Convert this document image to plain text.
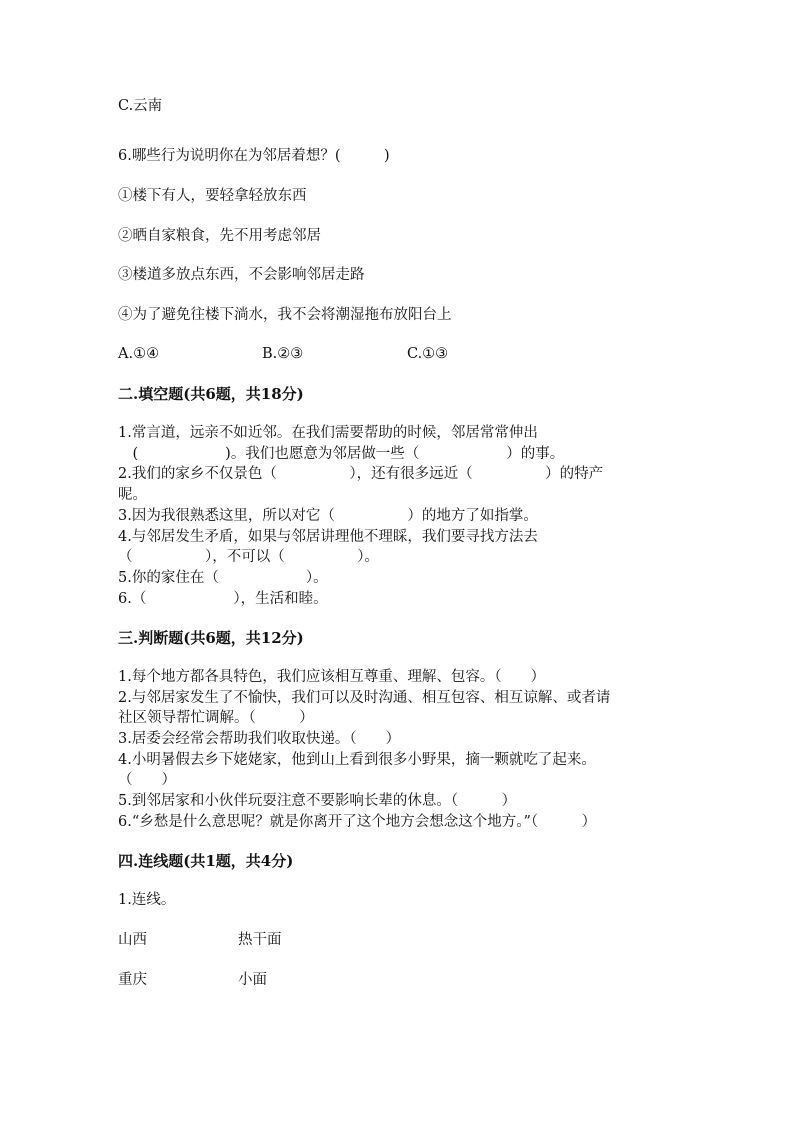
C.云南

6.哪些行为说明你在为邻居着想？(　　　)

①楼下有人，要轻拿轻放东西

②晒自家粮食，先不用考虑邻居

③楼道多放点东西，不会影响邻居走路

④为了避免往楼下淌水，我不会将潮湿拖布放阳台上

A.①④	B.②③	C.①③

二.填空题(共6题，共18分)

1.常言道，远亲不如近邻。在我们需要帮助的时候，邻居常常伸出

　(　　　　　　)。我们也愿意为邻居做一些（　　　　　　）的事。

2.我们的家乡不仅景色（　　　　　），还有很多远近（　　　　　）的特产

呢。

3.因为我很熟悉这里，所以对它（　　　　　）的地方了如指掌。

4.与邻居发生矛盾，如果与邻居讲理他不理睬，我们要寻找方法去

（　　　　　），不可以（　　　　　）。

5.你的家住在（　　　　　　）。

6.（　　　　　　），生活和睦。

三.判断题(共6题，共12分)

1.每个地方都各具特色，我们应该相互尊重、理解、包容。（　　）

2.与邻居家发生了不愉快，我们可以及时沟通、相互包容、相互谅解、或者请

社区领导帮忙调解。（　　　）

3.居委会经常会帮助我们收取快递。（　　）

4.小明暑假去乡下姥姥家，他到山上看到很多小野果，摘一颗就吃了起来。

（　　）

5.到邻居家和小伙伴玩耍注意不要影响长辈的休息。（　　　）

6.“乡愁是什么意思呢？就是你离开了这个地方会想念这个地方。”（　　　）

四.连线题(共1题，共4分)

1.连线。

山西	热干面

重庆	小面
